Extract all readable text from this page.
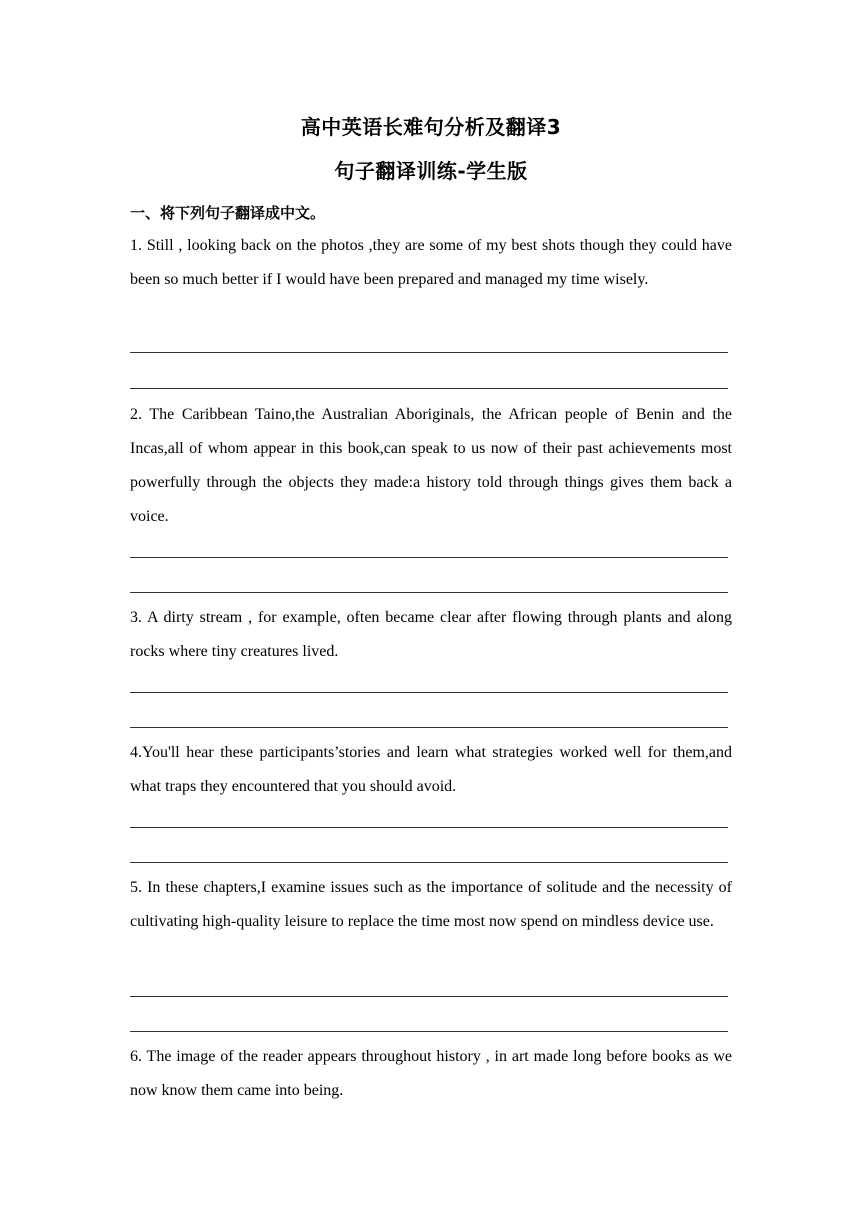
高中英语长难句分析及翻译3
句子翻译训练-学生版
一、将下列句子翻译成中文。
1. Still , looking back on the photos ,they are some of my best shots though they could have been so much better if I would have been prepared and managed my time wisely.
2. The Caribbean Taino,the Australian Aboriginals, the African people of Benin and the Incas,all of whom appear in this book,can speak to us now of their past achievements most powerfully through the objects they made:a history told through things gives them back a voice.
3. A dirty stream , for example, often became clear after flowing through plants and along rocks where tiny creatures lived.
4.You'll hear these participants’stories and learn what strategies worked well for them,and what traps they encountered that you should avoid.
5. In these chapters,I examine issues such as the importance of solitude and the necessity of cultivating high-quality leisure to replace the time most now spend on mindless device use.
6. The image of the reader appears throughout history , in art made long before books as we now know them came into being.
